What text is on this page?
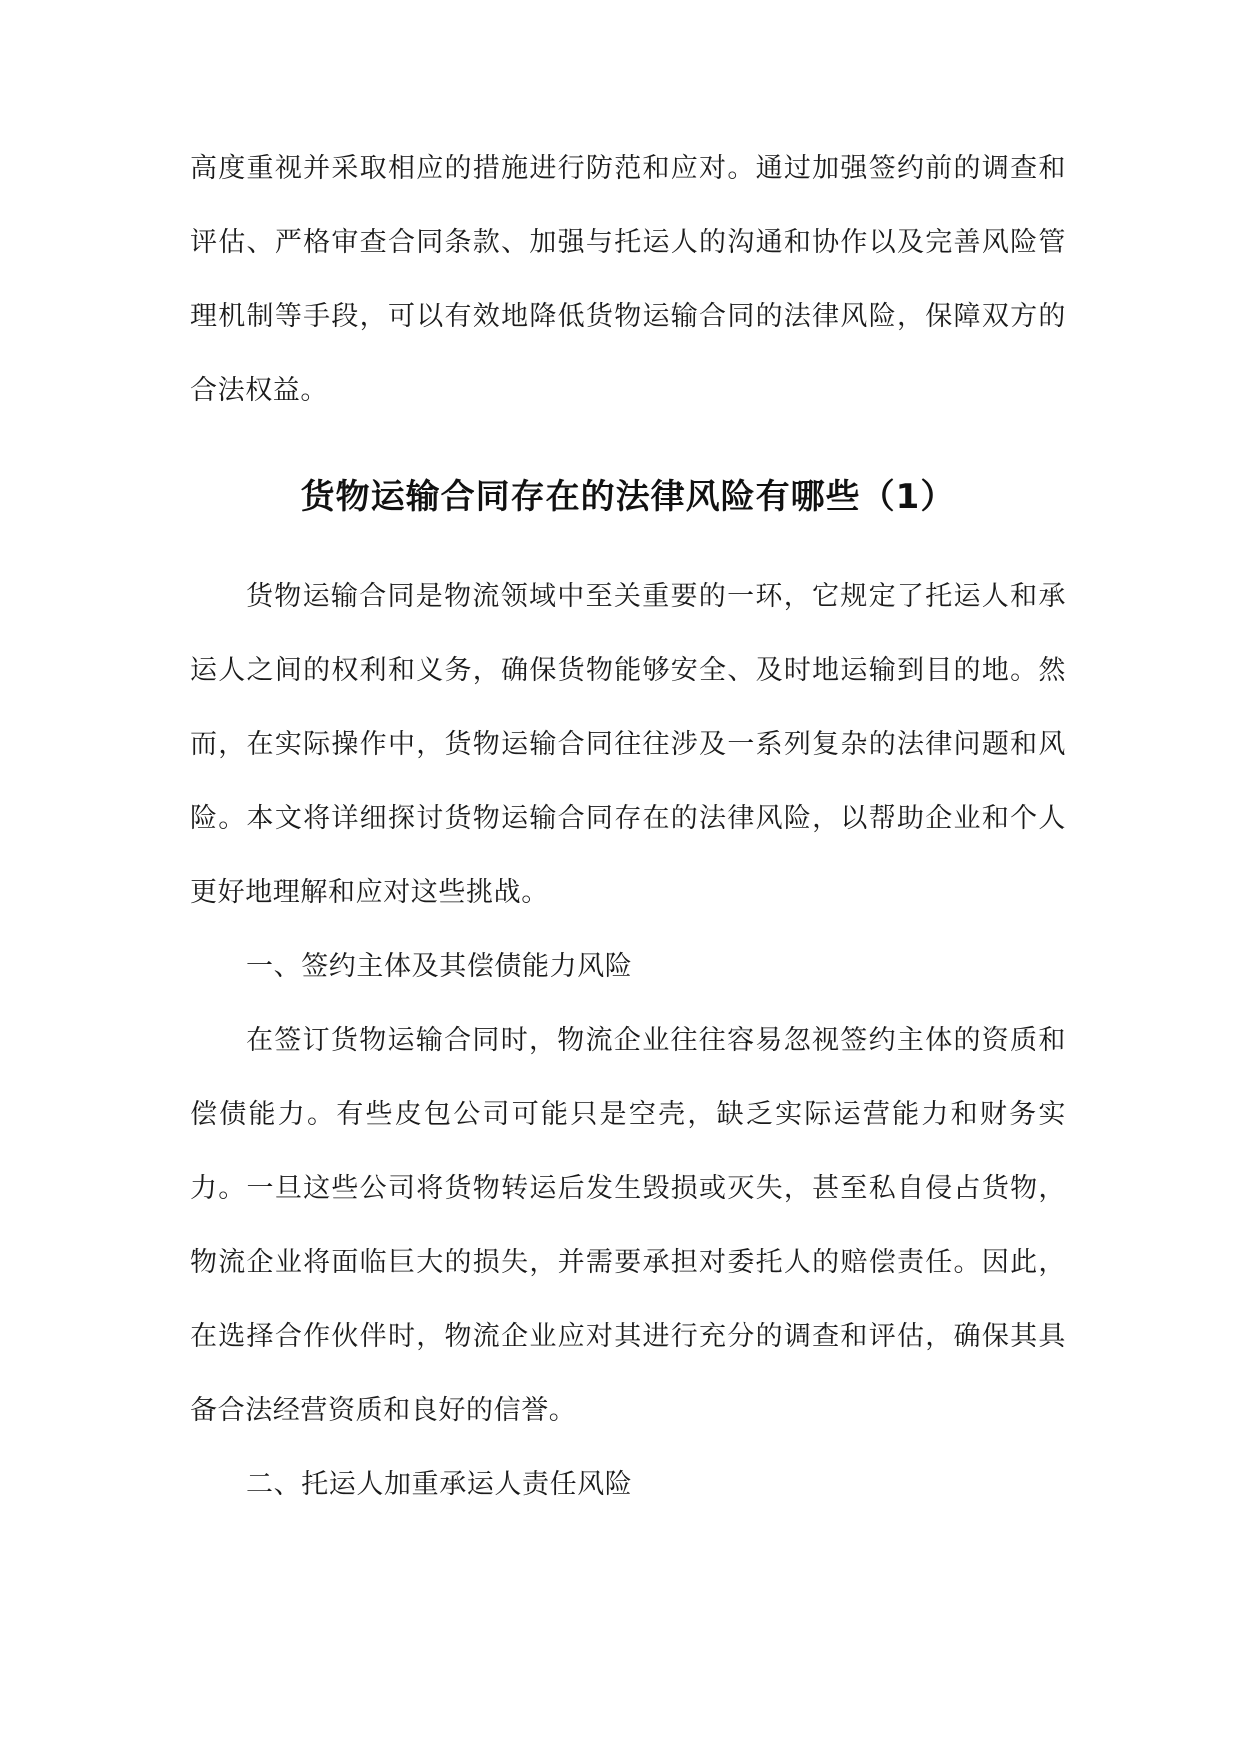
高度重视并采取相应的措施进行防范和应对。通过加强签约前的调查和评估、严格审查合同条款、加强与托运人的沟通和协作以及完善风险管理机制等手段，可以有效地降低货物运输合同的法律风险，保障双方的合法权益。

货物运输合同存在的法律风险有哪些（1）

货物运输合同是物流领域中至关重要的一环，它规定了托运人和承运人之间的权利和义务，确保货物能够安全、及时地运输到目的地。然而，在实际操作中，货物运输合同往往涉及一系列复杂的法律问题和风险。本文将详细探讨货物运输合同存在的法律风险，以帮助企业和个人更好地理解和应对这些挑战。

一、签约主体及其偿债能力风险

在签订货物运输合同时，物流企业往往容易忽视签约主体的资质和偿债能力。有些皮包公司可能只是空壳，缺乏实际运营能力和财务实力。一旦这些公司将货物转运后发生毁损或灭失，甚至私自侵占货物，物流企业将面临巨大的损失，并需要承担对委托人的赔偿责任。因此，在选择合作伙伴时，物流企业应对其进行充分的调查和评估，确保其具备合法经营资质和良好的信誉。

二、托运人加重承运人责任风险
